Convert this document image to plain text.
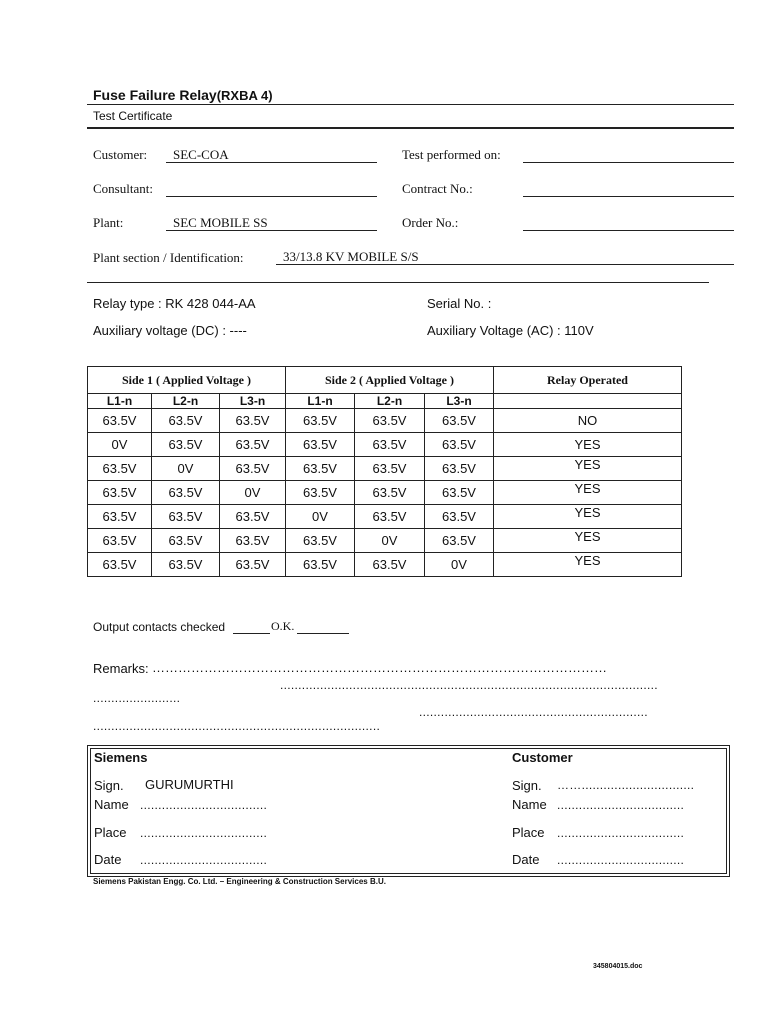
Fuse Failure Relay(RXBA 4)
Test Certificate
Customer: SEC-COA	Test performed on:
Consultant:	Contract No.:
Plant:	SEC MOBILE SS	Order No.:
Plant section / Identification:	33/13.8 KV MOBILE S/S
Relay type : RK 428 044-AA	Serial No. :
Auxiliary voltage (DC) : ----	Auxiliary Voltage (AC) : 110V
Side 1 ( Applied Voltage )			Side 2 ( Applied Voltage )			Relay Operated
L1-n	L2-n	L3-n	L1-n	L2-n	L3-n	
63.5V	63.5V	63.5V	63.5V	63.5V	63.5V	NO
0V	63.5V	63.5V	63.5V	63.5V	63.5V	YES
63.5V	0V	63.5V	63.5V	63.5V	63.5V	YES
63.5V	63.5V	0V	63.5V	63.5V	63.5V	YES
63.5V	63.5V	63.5V	0V	63.5V	63.5V	YES
63.5V	63.5V	63.5V	63.5V	0V	63.5V	YES
63.5V	63.5V	63.5V	63.5V	63.5V	0V	YES
Output contacts checked	O.K.
Remarks: ……………………………………………………………………………………………
........................................................................................................
........................
...............................................................
...............................................................................
Siemens	Customer
Sign. GURUMURTHI	Sign. ……...............................
Name ...................................	Name ...................................
Place ...................................	Place ...................................
Date ...................................	Date ...................................
Siemens Pakistan Engg. Co. Ltd. – Engineering & Construction Services B.U.
345804015.doc
